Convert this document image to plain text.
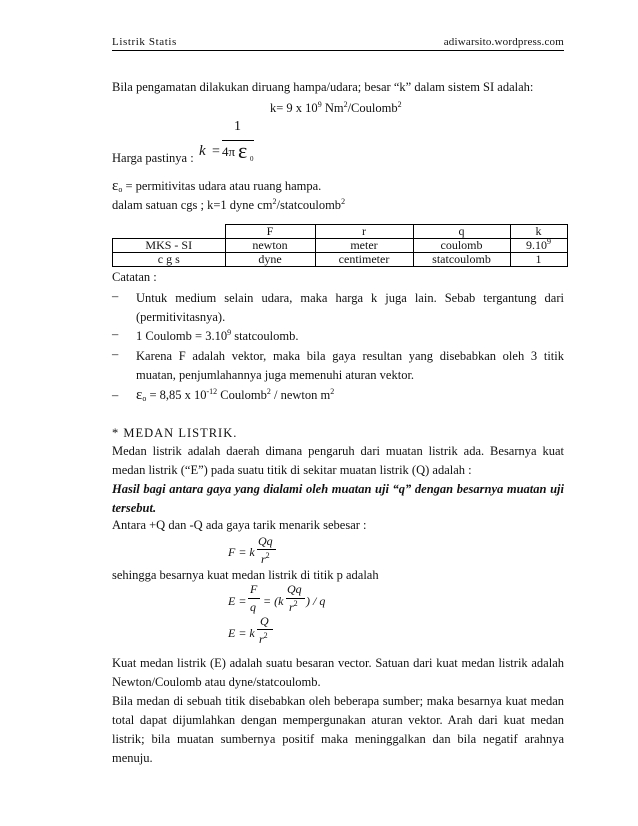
Listrik Statis	adiwarsito.wordpress.com
Bila pengamatan dilakukan diruang hampa/udara; besar “k” dalam sistem SI adalah:
k= 9 x $10^9$ Nm$^2$/Coulomb$^2$
Harga pastinya : k =
1
4π ε 0
$\varepsilon_o$ = permitivitas udara atau ruang hampa.
dalam satuan cgs ; k=1 dyne $cm^2/statcoulomb^2$
	F	r	q	k
MKS - SI	newton	meter	coulomb	9.10$^9$
c g s	dyne	centimeter	statcoulomb	1
Catatan :
– Untuk medium selain udara, maka harga k juga lain. Sebab tergantung dari (permitivitasnya).
– 1 Coulomb = $3.10^9$ statcoulomb.
– Karena F adalah vektor, maka bila gaya resultan yang disebabkan oleh 3 titik muatan, penjumlahannya juga memenuhi aturan vektor.
– $\varepsilon_o = 8,85$ x $10^{-12}$ Coulomb$^2$ / newton $m^2$
* MEDAN LISTRIK.
Medan listrik adalah daerah dimana pengaruh dari muatan listrik ada. Besarnya kuat medan listrik (“E”) pada suatu titik di sekitar muatan listrik (Q) adalah :
Hasil bagi antara gaya yang dialami oleh muatan uji “q” dengan besarnya muatan uji tersebut.
Antara +Q dan -Q ada gaya tarik menarik sebesar :
F = k
Qq
$r^2$
sehingga besarnya kuat medan listrik di titik p adalah
E =
F
q = (k
Qq
$r^2$ ) / q
E = k
Q
$r^2$
Kuat medan listrik (E) adalah suatu besaran vector. Satuan dari kuat medan listrik adalah Newton/Coulomb atau dyne/statcoulomb.
Bila medan di sebuah titik disebabkan oleh beberapa sumber; maka besarnya kuat medan total dapat dijumlahkan dengan mempergunakan aturan vektor. Arah dari kuat medan listrik; bila muatan sumbernya positif maka meninggalkan dan bila negatif arahnya menuju.
